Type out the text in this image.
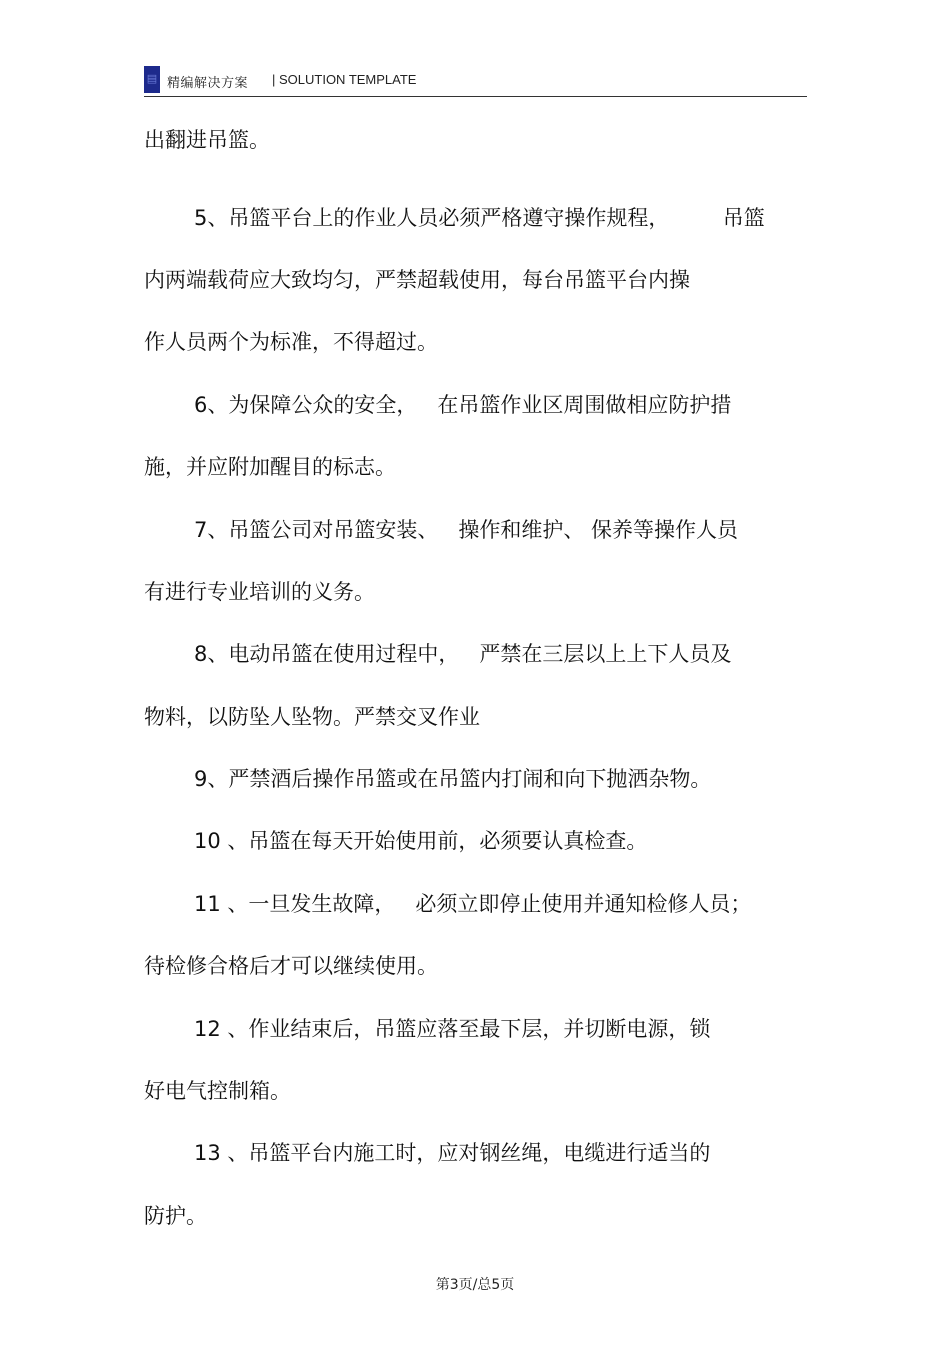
▤ 精编解决方案 | SOLUTION TEMPLATE
出翻进吊篮。
5、吊篮平台上的作业人员必须严格遵守操作规程，        吊篮
内两端载荷应大致均匀，严禁超载使用，每台吊篮平台内操
作人员两个为标准，不得超过。
6、为保障公众的安全，   在吊篮作业区周围做相应防护措
施，并应附加醒目的标志。
7、吊篮公司对吊篮安装、   操作和维护、 保养等操作人员
有进行专业培训的义务。
8、电动吊篮在使用过程中，   严禁在三层以上上下人员及
物料，以防坠人坠物。严禁交叉作业
9、严禁酒后操作吊篮或在吊篮内打闹和向下抛洒杂物。
10 、吊篮在每天开始使用前，必须要认真检查。
11 、一旦发生故障，   必须立即停止使用并通知检修人员；
待检修合格后才可以继续使用。
12 、作业结束后，吊篮应落至最下层，并切断电源，锁
好电气控制箱。
13 、吊篮平台内施工时，应对钢丝绳，电缆进行适当的
防护。
第3页/总5页
